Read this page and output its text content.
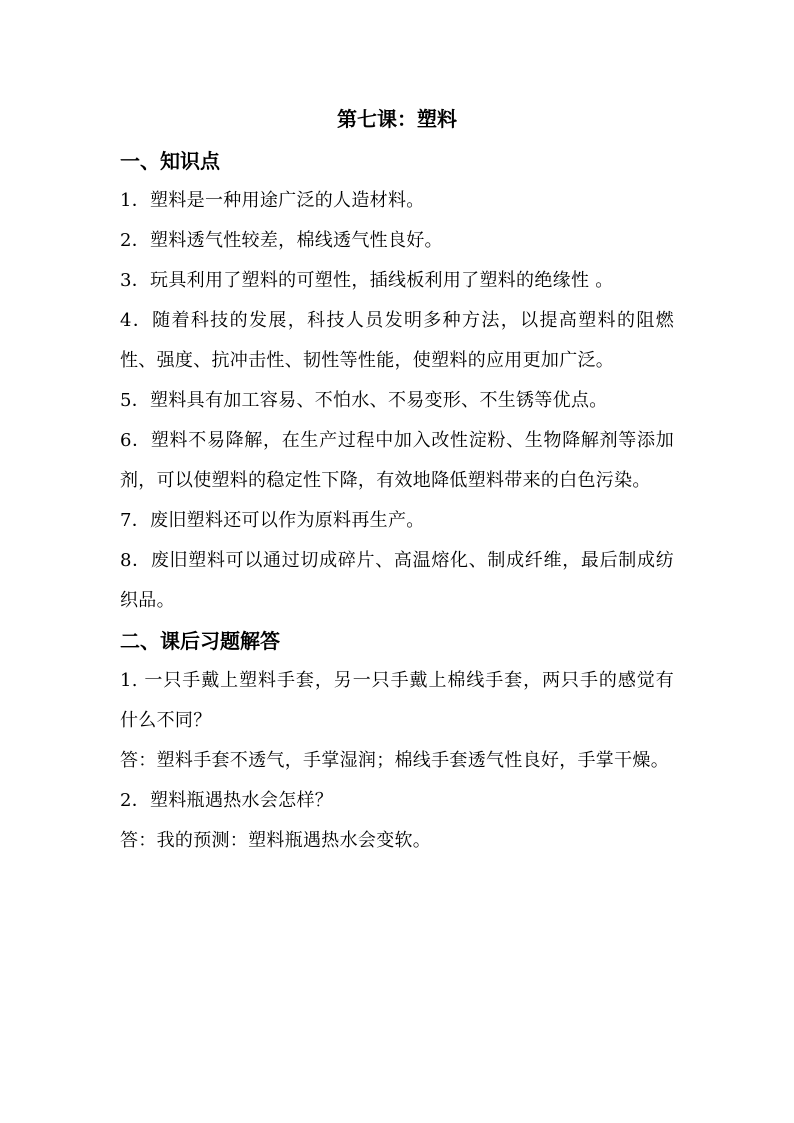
第七课：塑料
一、知识点
1．塑料是一种用途广泛的人造材料。
2．塑料透气性较差，棉线透气性良好。
3．玩具利用了塑料的可塑性，插线板利用了塑料的绝缘性 。
4．随着科技的发展，科技人员发明多种方法，以提高塑料的阻燃性、强度、抗冲击性、韧性等性能，使塑料的应用更加广泛。
5．塑料具有加工容易、不怕水、不易变形、不生锈等优点。
6．塑料不易降解，在生产过程中加入改性淀粉、生物降解剂等添加剂，可以使塑料的稳定性下降，有效地降低塑料带来的白色污染。
7．废旧塑料还可以作为原料再生产。
8．废旧塑料可以通过切成碎片、高温熔化、制成纤维，最后制成纺织品。
二、课后习题解答
1. 一只手戴上塑料手套，另一只手戴上棉线手套，两只手的感觉有什么不同？
答：塑料手套不透气，手掌湿润；棉线手套透气性良好，手掌干燥。
2．塑料瓶遇热水会怎样？
答：我的预测：塑料瓶遇热水会变软。
